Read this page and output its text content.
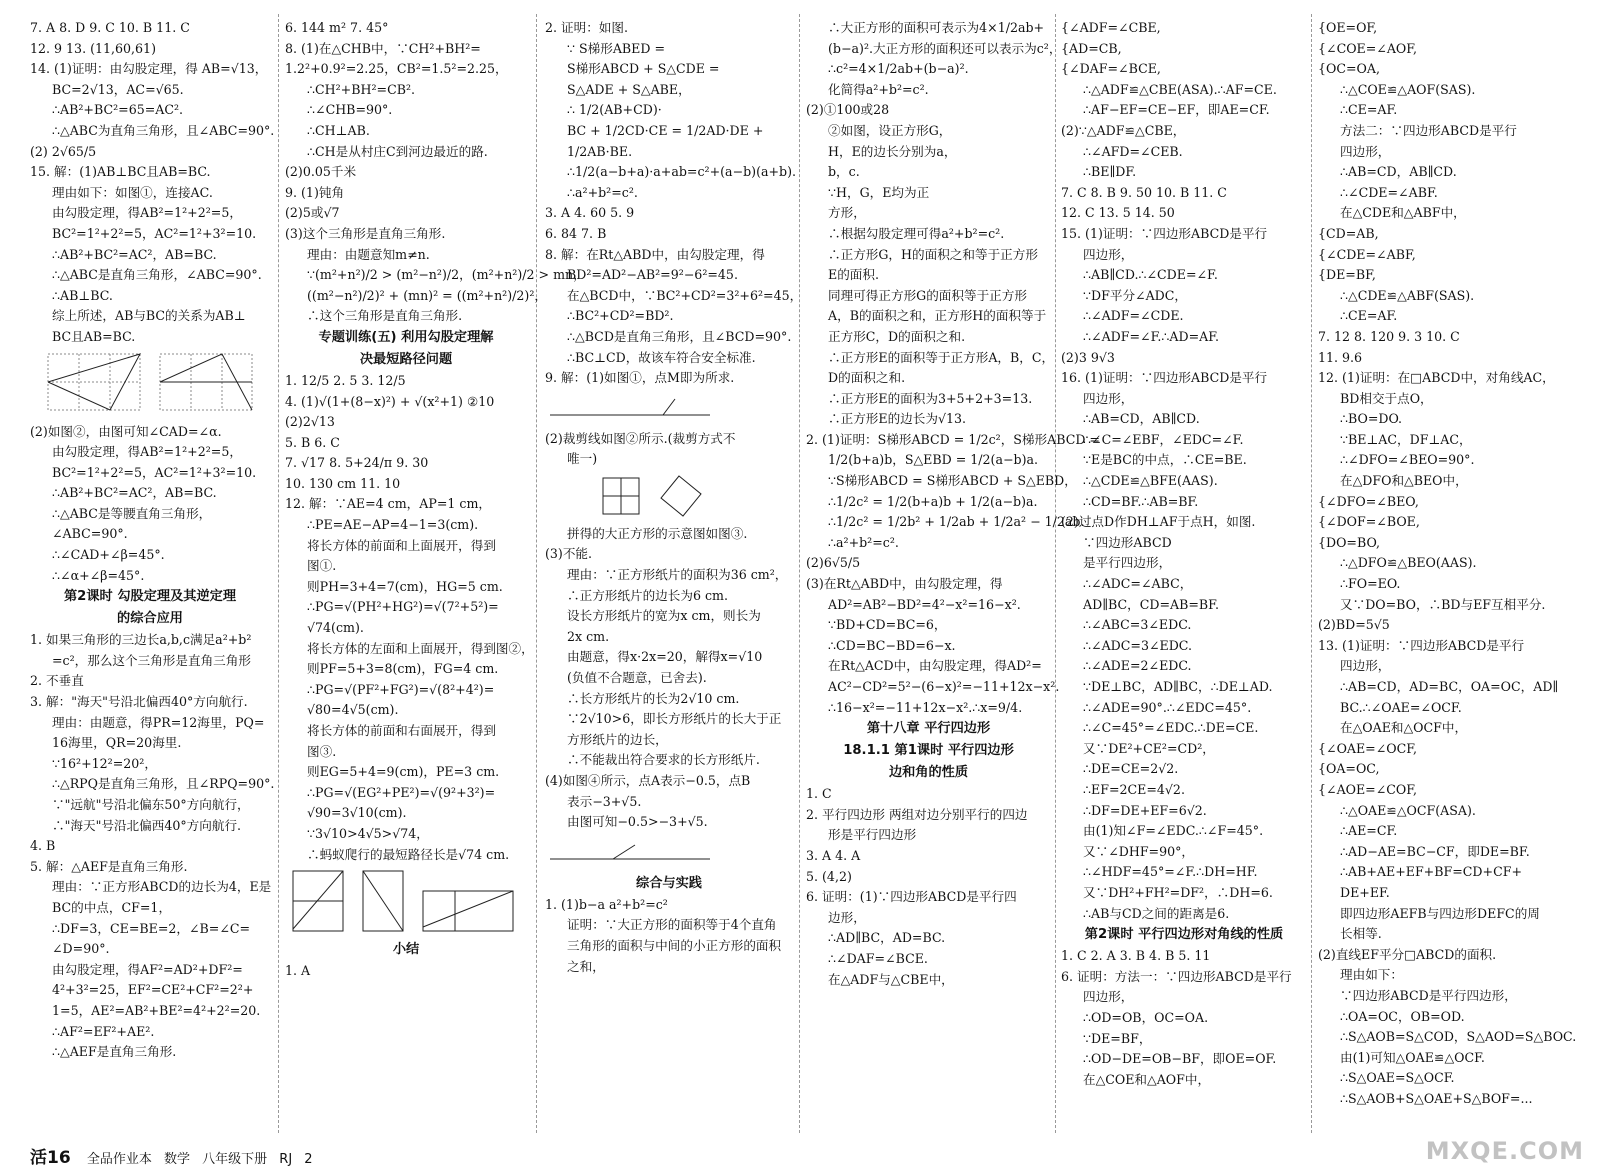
7. A 8. D 9. C 10. B 11. C
12. 9 13. (11,60,61)
14. (1)证明：由勾股定理，得 AB=√13，
BC=2√13，AC=√65.
∴AB²+BC²=65=AC².
∴△ABC为直角三角形，且∠ABC=90°.
(2) 2√65/5
15. 解：(1)AB⊥BC且AB=BC.
理由如下：如图①，连接AC.
由勾股定理，得AB²=1²+2²=5，
BC²=1²+2²=5，AC²=1²+3²=10.
∴AB²+BC²=AC²，AB=BC.
∴△ABC是直角三角形，∠ABC=90°.
∴AB⊥BC.
综上所述，AB与BC的关系为AB⊥
BC且AB=BC.
(2)如图②，由图可知∠CAD=∠α.
由勾股定理，得AB²=1²+2²=5，
BC²=1²+2²=5，AC²=1²+3²=10.
∴AB²+BC²=AC²，AB=BC.
∴△ABC是等腰直角三角形，
∠ABC=90°.
∴∠CAD+∠β=45°.
∴∠α+∠β=45°.
第2课时 勾股定理及其逆定理
的综合应用
1. 如果三角形的三边长a,b,c满足a²+b²
=c²，那么这个三角形是直角三角形
2. 不垂直
3. 解："海天"号沿北偏西40°方向航行.
理由：由题意，得PR=12海里，PQ=
16海里，QR=20海里.
∵16²+12²=20²，
∴△RPQ是直角三角形，且∠RPQ=90°.
∵"远航"号沿北偏东50°方向航行，
∴"海天"号沿北偏西40°方向航行.
4. B
5. 解：△AEF是直角三角形.
理由：∵正方形ABCD的边长为4，E是
BC的中点，CF=1，
∴DF=3，CE=BE=2，∠B=∠C=
∠D=90°.
由勾股定理，得AF²=AD²+DF²=
4²+3²=25，EF²=CE²+CF²=2²+
1=5，AE²=AB²+BE²=4²+2²=20.
∴AF²=EF²+AE².
∴△AEF是直角三角形.
6. 144 m² 7. 45°
8. (1)在△CHB中，∵CH²+BH²=
1.2²+0.9²=2.25，CB²=1.5²=2.25，
∴CH²+BH²=CB².
∴∠CHB=90°.
∴CH⊥AB.
∴CH是从村庄C到河边最近的路.
(2)0.05千米
9. (1)钝角
(2)5或√7
(3)这个三角形是直角三角形.
理由：由题意知m≠n.
∵(m²+n²)/2 > (m²−n²)/2，(m²+n²)/2 > mn，
((m²−n²)/2)² + (mn)² = ((m²+n²)/2)²，
∴这个三角形是直角三角形.
专题训练(五) 利用勾股定理解
决最短路径问题
1. 12/5 2. 5 3. 12/5
4. (1)√(1+(8−x)²) + √(x²+1) ②10
(2)2√13
5. B 6. C
7. √17 8. 5+24/π 9. 30
10. 130 cm 11. 10
12. 解：∵AE=4 cm，AP=1 cm，
∴PE=AE−AP=4−1=3(cm).
将长方体的前面和上面展开，得到
图①.
则PH=3+4=7(cm)，HG=5 cm.
∴PG=√(PH²+HG²)=√(7²+5²)=
√74(cm).
将长方体的左面和上面展开，得到图②，
则PF=5+3=8(cm)，FG=4 cm.
∴PG=√(PF²+FG²)=√(8²+4²)=
√80=4√5(cm).
将长方体的前面和右面展开，得到
图③.
则EG=5+4=9(cm)，PE=3 cm.
∴PG=√(EG²+PE²)=√(9²+3²)=
√90=3√10(cm).
∵3√10>4√5>√74，
∴蚂蚁爬行的最短路径长是√74 cm.
小结
1. A
2. 证明：如图.
∵ S梯形ABED =
S梯形ABCD + S△CDE =
S△ADE + S△ABE，
∴ 1/2(AB+CD)·
BC + 1/2CD·CE = 1/2AD·DE +
1/2AB·BE.
∴1/2(a−b+a)·a+ab=c²+(a−b)(a+b).
∴a²+b²=c².
3. A 4. 60 5. 9
6. 84 7. B
8. 解：在Rt△ABD中，由勾股定理，得
BD²=AD²−AB²=9²−6²=45.
在△BCD中，∵BC²+CD²=3²+6²=45，
∴BC²+CD²=BD².
∴△BCD是直角三角形，且∠BCD=90°.
∴BC⊥CD，故该车符合安全标准.
9. 解：(1)如图①，点M即为所求.
(2)裁剪线如图②所示.(裁剪方式不
唯一)
拼得的大正方形的示意图如图③.
(3)不能.
理由：∵正方形纸片的面积为36 cm²，
∴正方形纸片的边长为6 cm.
设长方形纸片的宽为x cm，则长为
2x cm.
由题意，得x·2x=20，解得x=√10
(负值不合题意，已舍去).
∴长方形纸片的长为2√10 cm.
∵2√10>6，即长方形纸片的长大于正
方形纸片的边长，
∴不能裁出符合要求的长方形纸片.
(4)如图④所示，点A表示−0.5，点B
表示−3+√5.
由图可知−0.5>−3+√5.
综合与实践
1. (1)b−a a²+b²=c²
证明：∵大正方形的面积等于4个直角
三角形的面积与中间的小正方形的面积
之和，
∴大正方形的面积可表示为4×1/2ab+
(b−a)².大正方形的面积还可以表示为c²，
∴c²=4×1/2ab+(b−a)².
化简得a²+b²=c².
(2)①100或28
②如图，设正方形G，
H，E的边长分别为a，
b，c.
∵H，G，E均为正
方形，
∴根据勾股定理可得a²+b²=c².
∴正方形G，H的面积之和等于正方形
E的面积.
同理可得正方形G的面积等于正方形
A，B的面积之和，正方形H的面积等于
正方形C，D的面积之和.
∴正方形E的面积等于正方形A，B，C，
D的面积之和.
∴正方形E的面积为3+5+2+3=13.
∴正方形E的边长为√13.
2. (1)证明：S梯形ABCD = 1/2c²，S梯形ABCD =
1/2(b+a)b，S△EBD = 1/2(a−b)a.
∵S梯形ABCD = S梯形ABCD + S△EBD，
∴1/2c² = 1/2(b+a)b + 1/2(a−b)a.
∴1/2c² = 1/2b² + 1/2ab + 1/2a² − 1/2ab.
∴a²+b²=c².
(2)6√5/5
(3)在Rt△ABD中，由勾股定理，得
AD²=AB²−BD²=4²−x²=16−x².
∵BD+CD=BC=6，
∴CD=BC−BD=6−x.
在Rt△ACD中，由勾股定理，得AD²=
AC²−CD²=5²−(6−x)²=−11+12x−x².
∴16−x²=−11+12x−x².∴x=9/4.
第十八章 平行四边形
18.1.1 第1课时 平行四边形
边和角的性质
1. C
2. 平行四边形 两组对边分别平行的四边
形是平行四边形
3. A 4. A
5. (4,2)
6. 证明：(1)∵四边形ABCD是平行四
边形，
∴AD∥BC，AD=BC.
∴∠DAF=∠BCE.
在△ADF与△CBE中，
{∠ADF=∠CBE,
{AD=CB,
{∠DAF=∠BCE,
∴△ADF≌△CBE(ASA).∴AF=CE.
∴AF−EF=CE−EF，即AE=CF.
(2)∵△ADF≌△CBE，
∴∠AFD=∠CEB.
∴BE∥DF.
7. C 8. B 9. 50 10. B 11. C
12. C 13. 5 14. 50
15. (1)证明：∵四边形ABCD是平行
四边形，
∴AB∥CD.∴∠CDE=∠F.
∵DF平分∠ADC，
∴∠ADF=∠CDE.
∴∠ADF=∠F.∴AD=AF.
(2)3 9√3
16. (1)证明：∵四边形ABCD是平行
四边形，
∴AB=CD，AB∥CD.
∴∠C=∠EBF，∠EDC=∠F.
∵E是BC的中点，∴CE=BE.
∴△CDE≌△BFE(AAS).
∴CD=BF.∴AB=BF.
(2)过点D作DH⊥AF于点H，如图.
∵四边形ABCD
是平行四边形，
∴∠ADC=∠ABC，
AD∥BC，CD=AB=BF.
∴∠ABC=3∠EDC.
∴∠ADC=3∠EDC.
∴∠ADE=2∠EDC.
∵DE⊥BC，AD∥BC，∴DE⊥AD.
∴∠ADE=90°.∴∠EDC=45°.
∴∠C=45°=∠EDC.∴DE=CE.
又∵DE²+CE²=CD²，
∴DE=CE=2√2.
∴EF=2CE=4√2.
∴DF=DE+EF=6√2.
由(1)知∠F=∠EDC.∴∠F=45°.
又∵∠DHF=90°，
∴∠HDF=45°=∠F.∴DH=HF.
又∵DH²+FH²=DF²，∴DH=6.
∴AB与CD之间的距离是6.
第2课时 平行四边形对角线的性质
1. C 2. A 3. B 4. B 5. 11
6. 证明：方法一：∵四边形ABCD是平行
四边形，
∴OD=OB，OC=OA.
∵DE=BF，
∴OD−DE=OB−BF，即OE=OF.
在△COE和△AOF中，
{OE=OF,
{∠COE=∠AOF,
{OC=OA,
∴△COE≌△AOF(SAS).
∴CE=AF.
方法二：∵四边形ABCD是平行
四边形，
∴AB=CD，AB∥CD.
∴∠CDE=∠ABF.
在△CDE和△ABF中，
{CD=AB,
{∠CDE=∠ABF,
{DE=BF,
∴△CDE≌△ABF(SAS).
∴CE=AF.
7. 12 8. 120 9. 3 10. C
11. 9.6
12. (1)证明：在□ABCD中，对角线AC，
BD相交于点O，
∴BO=DO.
∵BE⊥AC，DF⊥AC，
∴∠DFO=∠BEO=90°.
在△DFO和△BEO中，
{∠DFO=∠BEO,
{∠DOF=∠BOE,
{DO=BO,
∴△DFO≌△BEO(AAS).
∴FO=EO.
又∵DO=BO，∴BD与EF互相平分.
(2)BD=5√5
13. (1)证明：∵四边形ABCD是平行
四边形，
∴AB=CD，AD=BC，OA=OC，AD∥
BC.∴∠OAE=∠OCF.
在△OAE和△OCF中，
{∠OAE=∠OCF,
{OA=OC,
{∠AOE=∠COF,
∴△OAE≌△OCF(ASA).
∴AE=CF.
∴AD−AE=BC−CF，即DE=BF.
∴AB+AE+EF+BF=CD+CF+
DE+EF.
即四边形AEFB与四边形DEFC的周
长相等.
(2)直线EF平分□ABCD的面积.
理由如下：
∵四边形ABCD是平行四边形，
∴OA=OC，OB=OD.
∴S△AOB=S△COD，S△AOD=S△BOC.
由(1)可知△OAE≌△OCF.
∴S△OAE=S△OCF.
∴S△AOB+S△OAE+S△BOF=...
活16 全品作业本 数学 八年级下册 RJ 2	MXQE.COM
